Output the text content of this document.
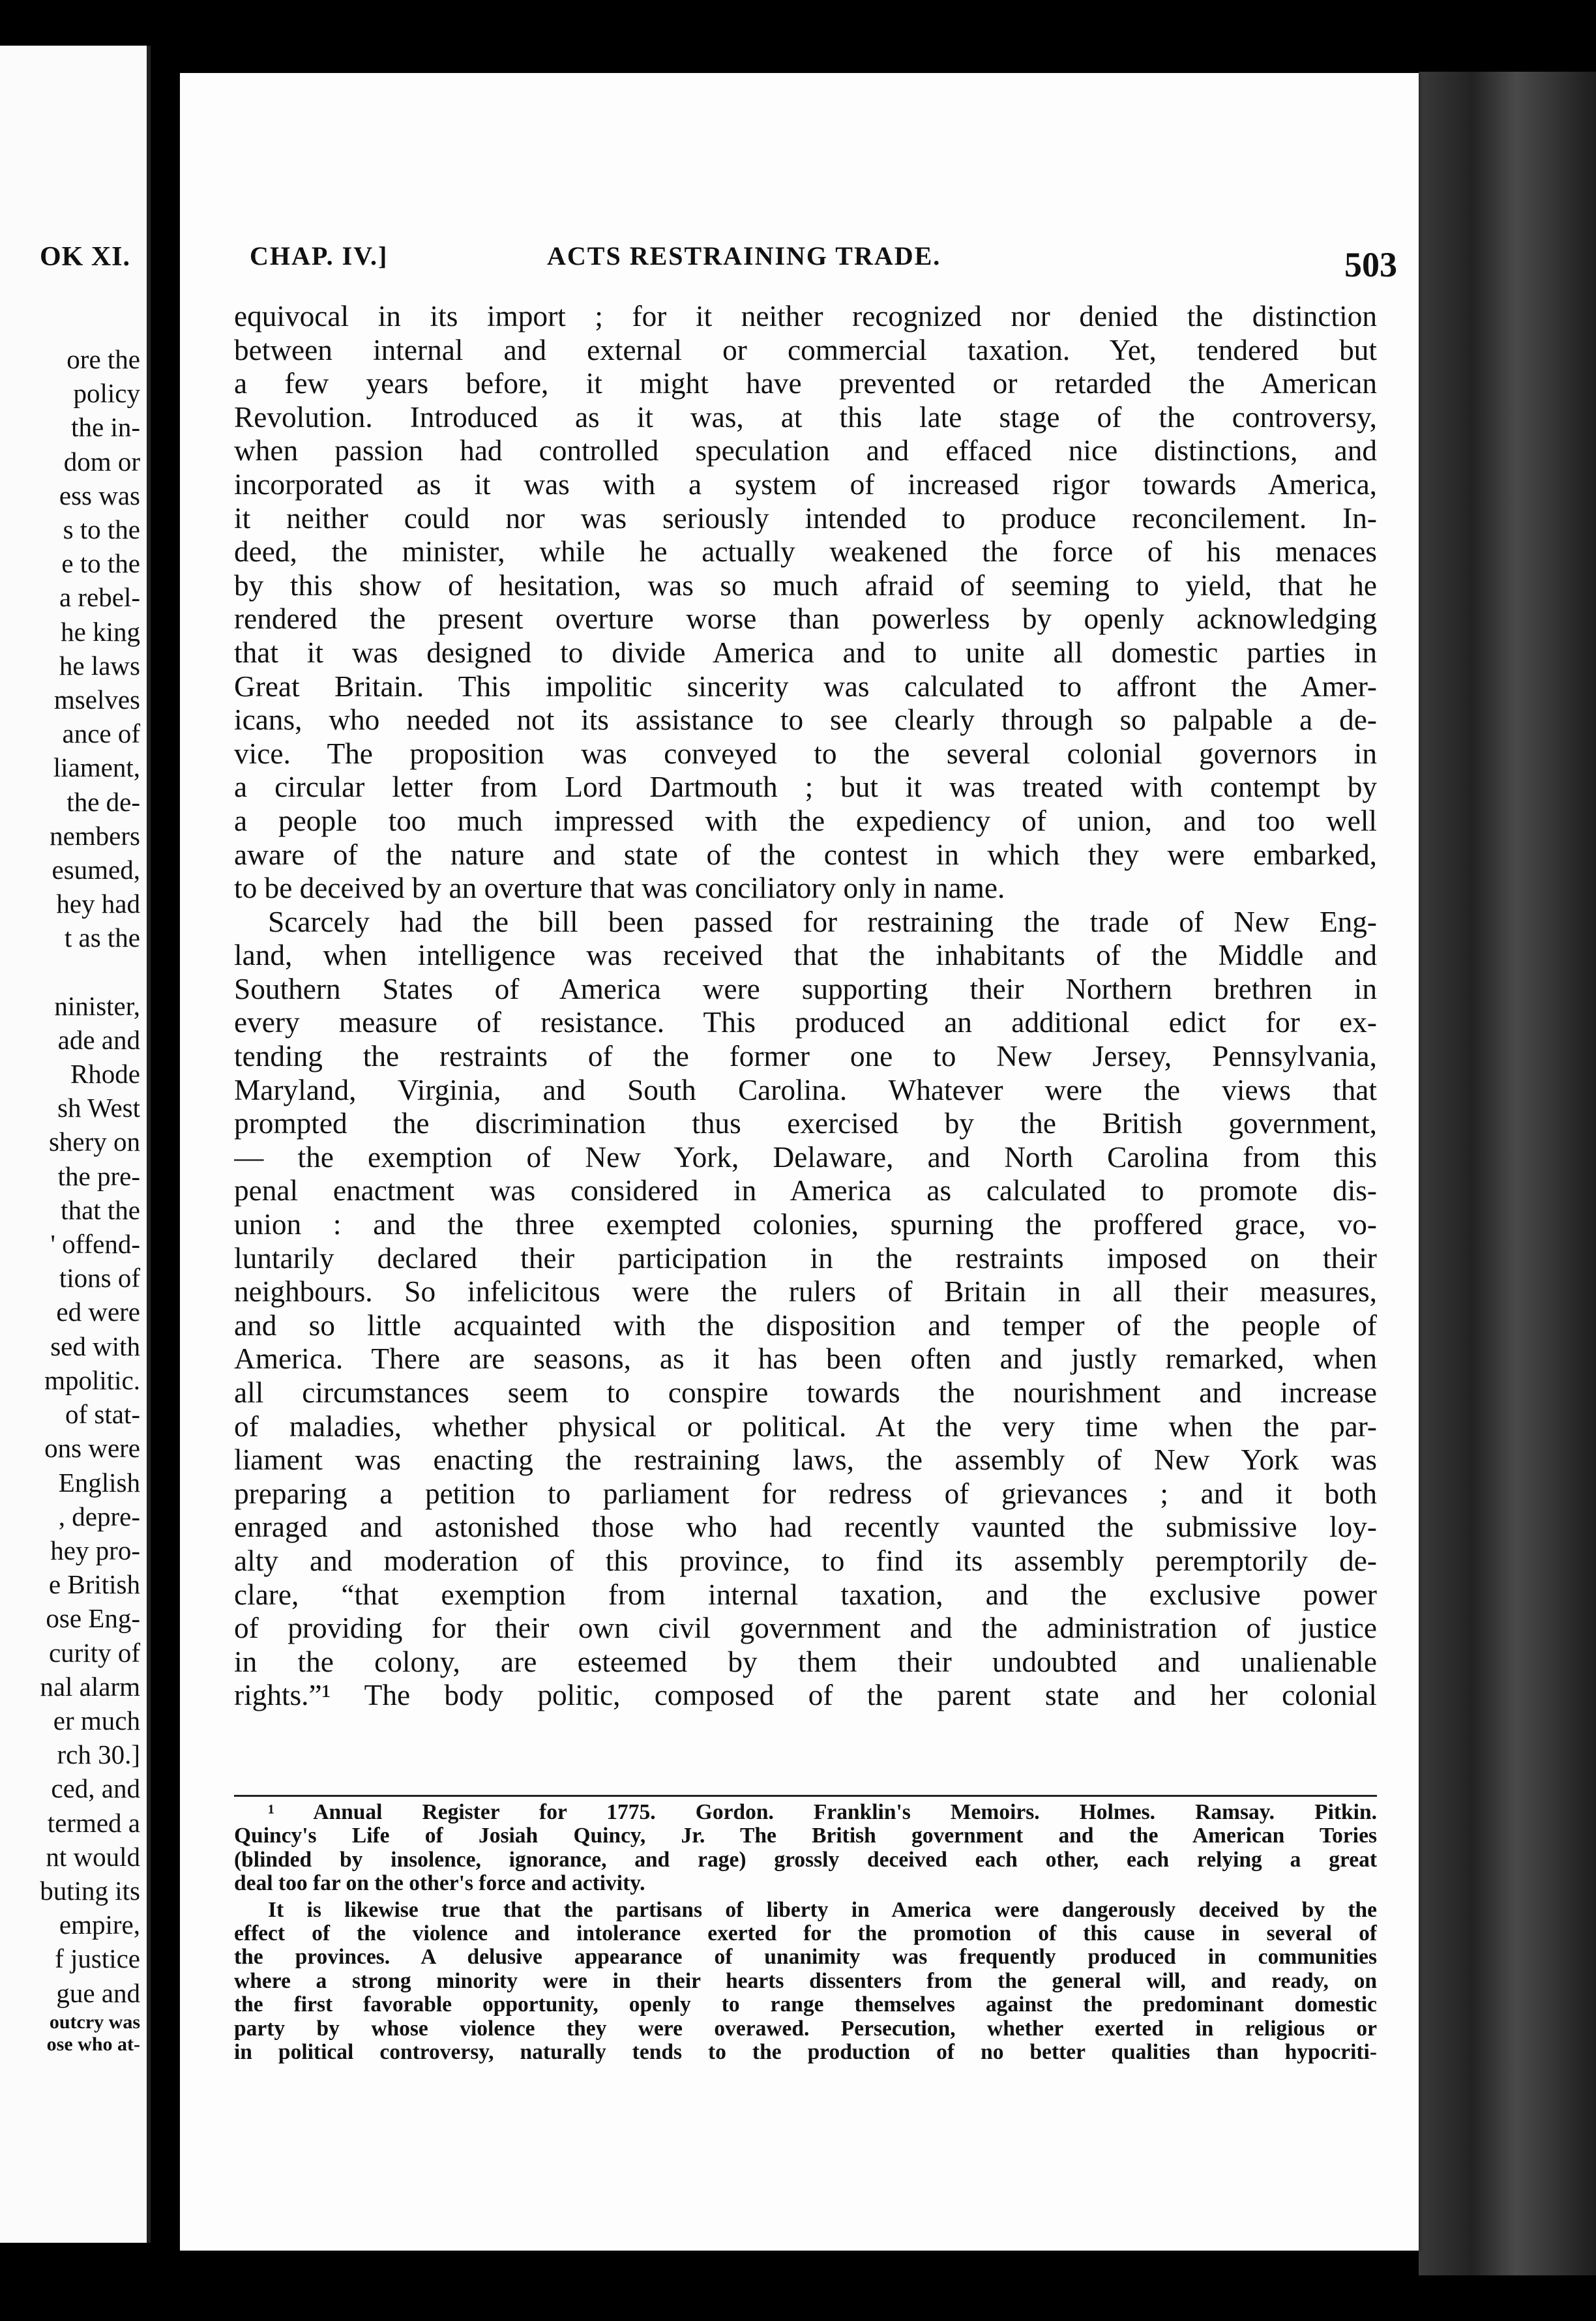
OK XI.
ore the
policy
the in-
dom or
ess was
s to the
e to the
a rebel-
he king
he laws
mselves
ance of
liament,
the de-
nembers
esumed,
hey had
t as the
ninister,
ade and
Rhode
sh West
shery on
the pre-
that the
' offend-
tions of
ed were
sed with
mpolitic.
of stat-
ons were
English
, depre-
hey pro-
e British
ose Eng-
curity of
nal alarm
er much
rch 30.]
ced, and
termed a
nt would
buting its
empire,
f justice
gue and
outcry was
ose who at-
CHAP. IV.]	ACTS RESTRAINING TRADE.	503
equivocal in its import ; for it neither recognized nor denied the distinction
between internal and external or commercial taxation. Yet, tendered but
a few years before, it might have prevented or retarded the American
Revolution. Introduced as it was, at this late stage of the controversy,
when passion had controlled speculation and effaced nice distinctions, and
incorporated as it was with a system of increased rigor towards America,
it neither could nor was seriously intended to produce reconcilement. In-
deed, the minister, while he actually weakened the force of his menaces
by this show of hesitation, was so much afraid of seeming to yield, that he
rendered the present overture worse than powerless by openly acknowledging
that it was designed to divide America and to unite all domestic parties in
Great Britain. This impolitic sincerity was calculated to affront the Amer-
icans, who needed not its assistance to see clearly through so palpable a de-
vice. The proposition was conveyed to the several colonial governors in
a circular letter from Lord Dartmouth ; but it was treated with contempt by
a people too much impressed with the expediency of union, and too well
aware of the nature and state of the contest in which they were embarked,
to be deceived by an overture that was conciliatory only in name.
Scarcely had the bill been passed for restraining the trade of New Eng-
land, when intelligence was received that the inhabitants of the Middle and
Southern States of America were supporting their Northern brethren in
every measure of resistance. This produced an additional edict for ex-
tending the restraints of the former one to New Jersey, Pennsylvania,
Maryland, Virginia, and South Carolina. Whatever were the views that
prompted the discrimination thus exercised by the British government,
— the exemption of New York, Delaware, and North Carolina from this
penal enactment was considered in America as calculated to promote dis-
union : and the three exempted colonies, spurning the proffered grace, vo-
luntarily declared their participation in the restraints imposed on their
neighbours. So infelicitous were the rulers of Britain in all their measures,
and so little acquainted with the disposition and temper of the people of
America. There are seasons, as it has been often and justly remarked, when
all circumstances seem to conspire towards the nourishment and increase
of maladies, whether physical or political. At the very time when the par-
liament was enacting the restraining laws, the assembly of New York was
preparing a petition to parliament for redress of grievances ; and it both
enraged and astonished those who had recently vaunted the submissive loy-
alty and moderation of this province, to find its assembly peremptorily de-
clare, “that exemption from internal taxation, and the exclusive power
of providing for their own civil government and the administration of justice
in the colony, are esteemed by them their undoubted and unalienable
rights.”¹ The body politic, composed of the parent state and her colonial
¹ Annual Register for 1775. Gordon. Franklin's Memoirs. Holmes. Ramsay. Pitkin.
Quincy's Life of Josiah Quincy, Jr. The British government and the American Tories
(blinded by insolence, ignorance, and rage) grossly deceived each other, each relying a great
deal too far on the other's force and activity.
It is likewise true that the partisans of liberty in America were dangerously deceived by the
effect of the violence and intolerance exerted for the promotion of this cause in several of
the provinces. A delusive appearance of unanimity was frequently produced in communities
where a strong minority were in their hearts dissenters from the general will, and ready, on
the first favorable opportunity, openly to range themselves against the predominant domestic
party by whose violence they were overawed. Persecution, whether exerted in religious or
in political controversy, naturally tends to the production of no better qualities than hypocriti-
